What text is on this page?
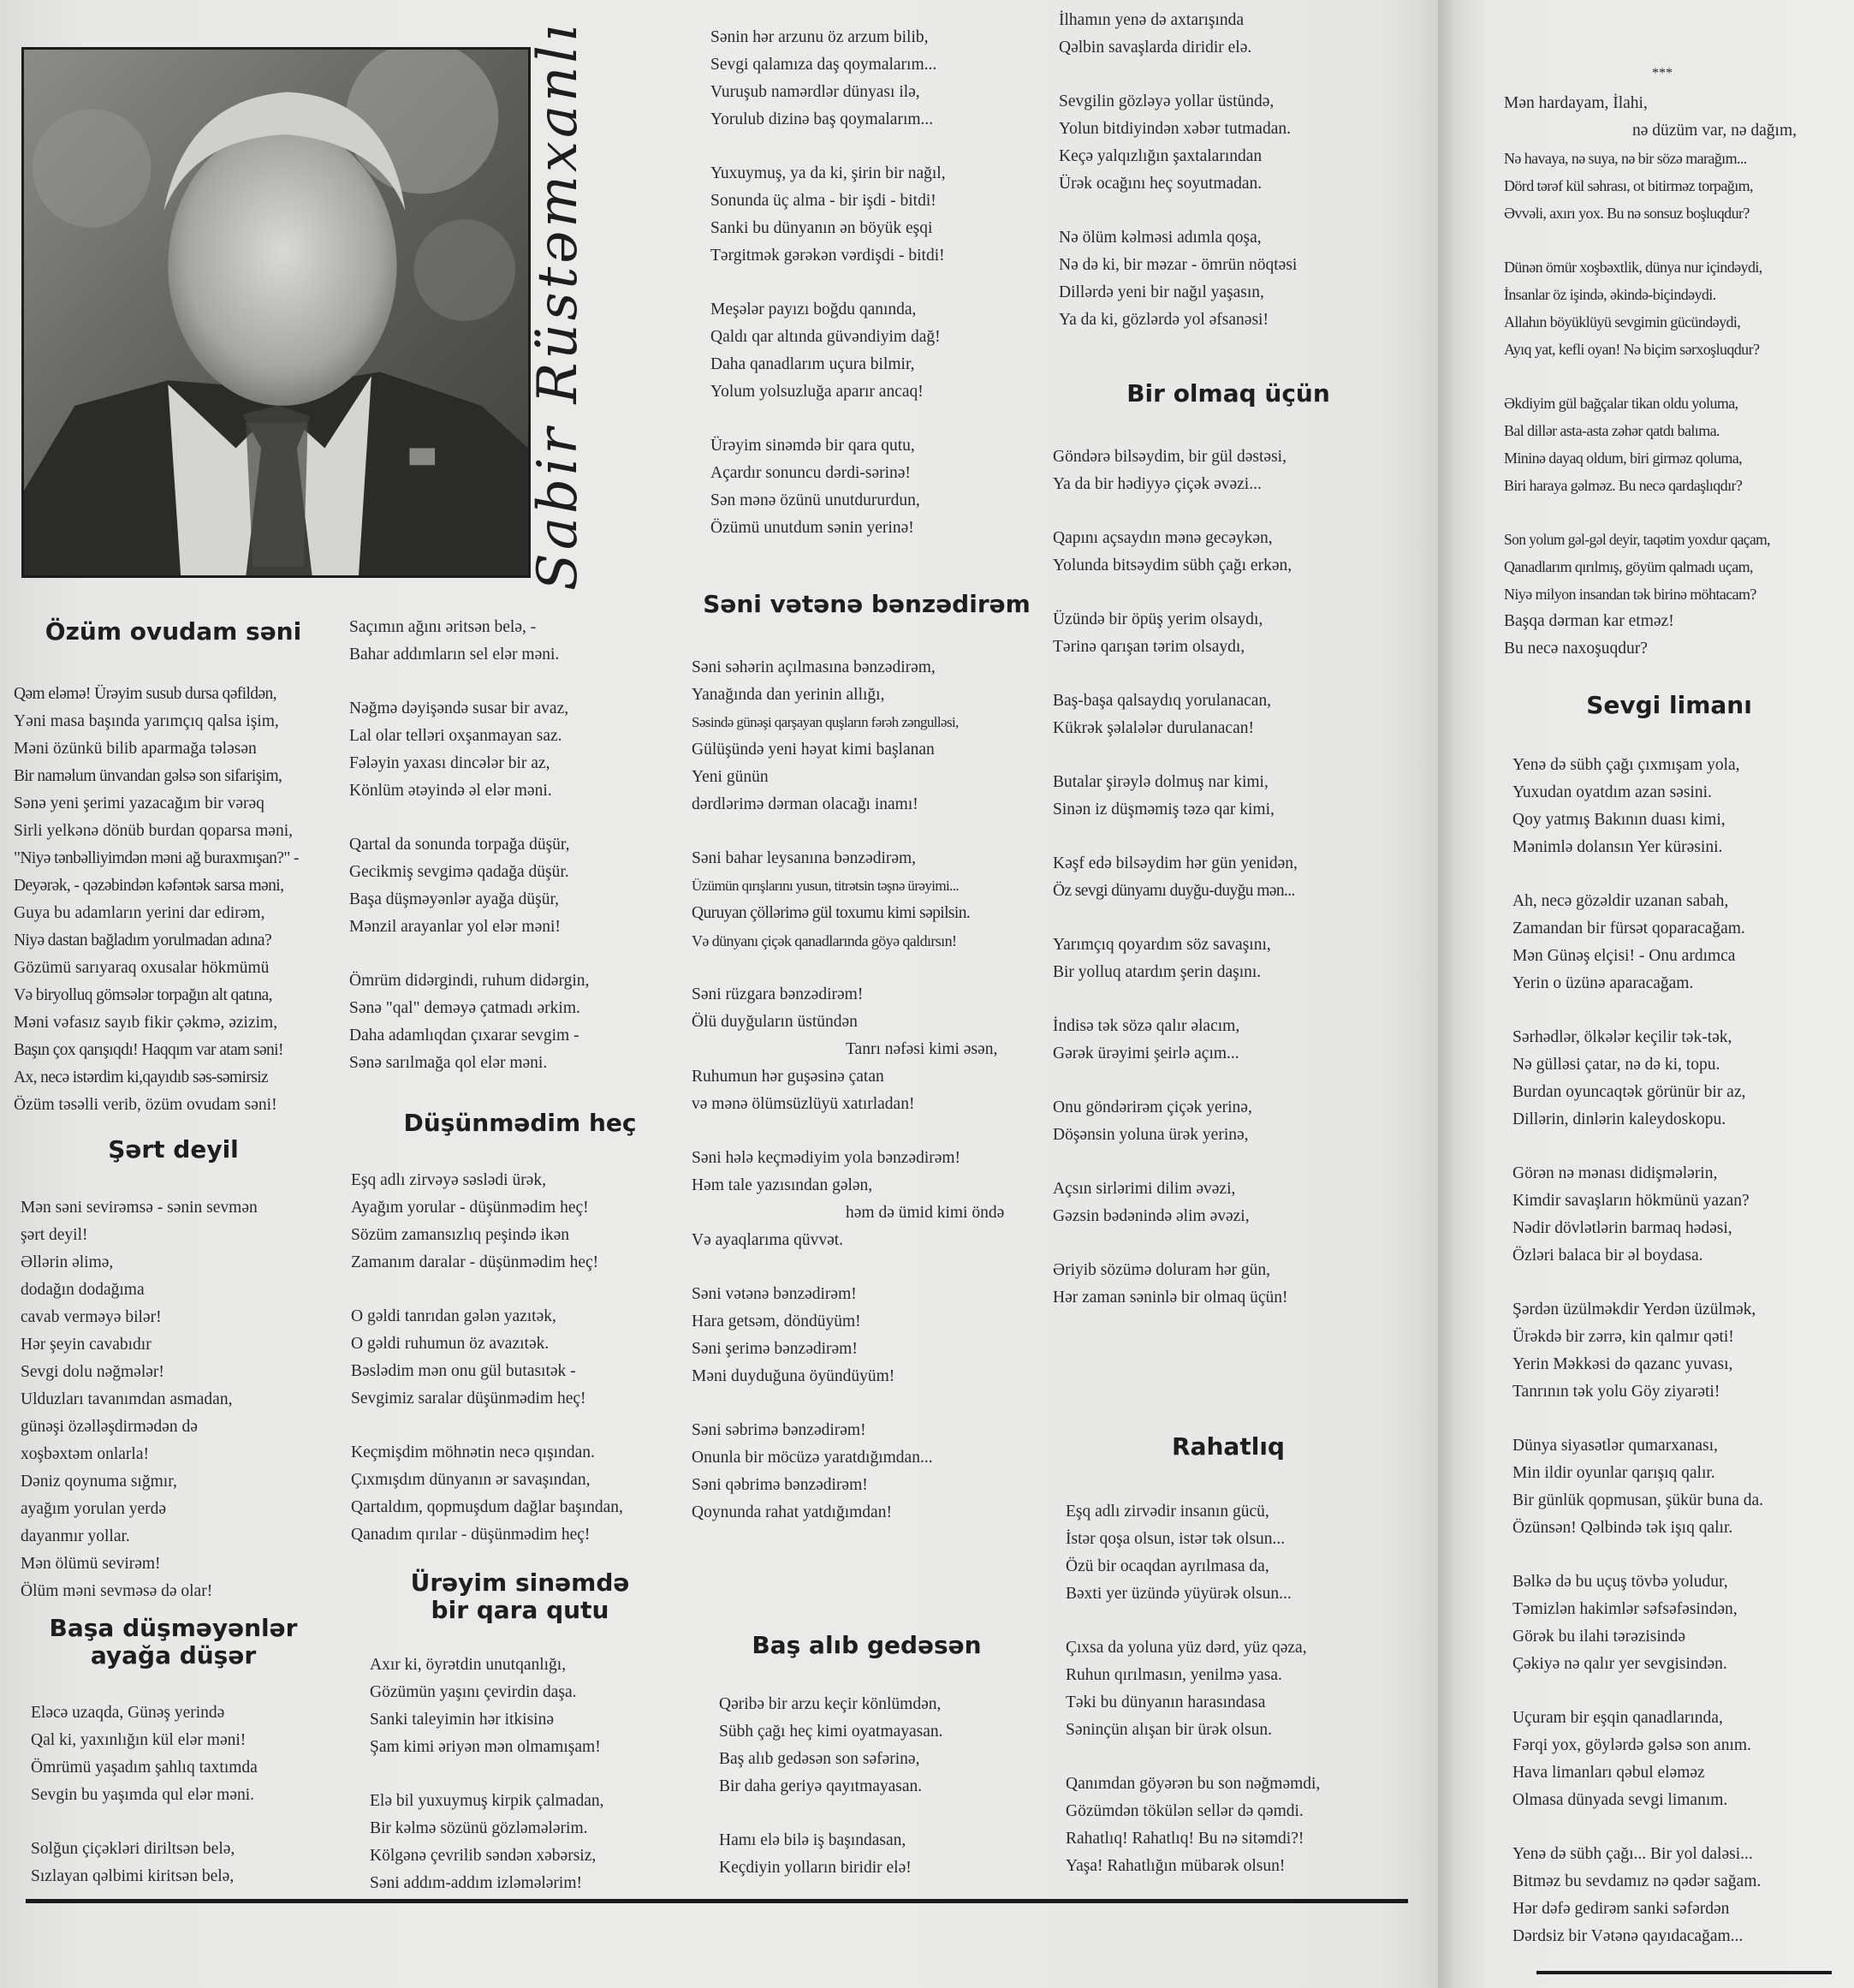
Sabir Rüstəmxanlı
Özüm ovudam səni
Qəm eləmə! Ürəyim susub dursa qəfildən,
Yəni masa başında yarımçıq qalsa işim,
Məni özünkü bilib aparmağa tələsən
Bir naməlum ünvandan gəlsə son sifarişim,
Sənə yeni şerimi yazacağım bir vərəq
Sirli yelkənə dönüb burdan qoparsa məni,
"Niyə tənbəlliyimdən məni ağ buraxmışan?" -
Deyərək, - qəzəbindən kəfəntək sarsa məni,
Guya bu adamların yerini dar edirəm,
Niyə dastan bağladım yorulmadan adına?
Gözümü sarıyaraq oxusalar hökmümü
Və biryolluq gömsələr torpağın alt qatına,
Məni vəfasız sayıb fikir çəkmə, əzizim,
Başın çox qarışıqdı! Haqqım var atam səni!
Ax, necə istərdim ki,qayıdıb səs-səmirsiz
Özüm təsəlli verib, özüm ovudam səni!
Şərt deyil
Mən səni sevirəmsə - sənin sevmən
şərt deyil!
Əllərin əlimə,
dodağın dodağıma
cavab verməyə bilər!
Hər şeyin cavabıdır
Sevgi dolu nəğmələr!
Ulduzları tavanımdan asmadan,
günəşi özəlləşdirmədən də
xoşbəxtəm onlarla!
Dəniz qoynuma sığmır,
ayağım yorulan yerdə
dayanmır yollar.
Mən ölümü sevirəm!
Ölüm məni sevməsə də olar!
Başa düşməyənlər
ayağa düşər
Eləcə uzaqda, Günəş yerində
Qal ki, yaxınlığın kül elər məni!
Ömrümü yaşadım şahlıq taxtımda
Sevgin bu yaşımda qul elər məni.
Solğun çiçəkləri diriltsən belə,
Sızlayan qəlbimi kiritsən belə,
Saçımın ağını əritsən belə, -
Bahar addımların sel elər məni.
Nəğmə dəyişəndə susar bir avaz,
Lal olar telləri oxşanmayan saz.
Fələyin yaxası dincələr bir az,
Könlüm ətəyində əl elər məni.
Qartal da sonunda torpağa düşür,
Gecikmiş sevgimə qadağa düşür.
Başa düşməyənlər ayağa düşür,
Mənzil arayanlar yol elər məni!
Ömrüm didərgindi, ruhum didərgin,
Sənə "qal" deməyə çatmadı ərkim.
Daha adamlıqdan çıxarar sevgim -
Sənə sarılmağa qol elər məni.
Düşünmədim heç
Eşq adlı zirvəyə səslədi ürək,
Ayağım yorular - düşünmədim heç!
Sözüm zamansızlıq peşində ikən
Zamanım daralar - düşünmədim heç!
O gəldi tanrıdan gələn yazıtək,
O gəldi ruhumun öz avazıtək.
Bəslədim mən onu gül butasıtək -
Sevgimiz saralar düşünmədim heç!
Keçmişdim möhnətin necə qışından.
Çıxmışdım dünyanın ər savaşından,
Qartaldım, qopmuşdum dağlar başından,
Qanadım qırılar - düşünmədim heç!
Ürəyim sinəmdə
bir qara qutu
Axır ki, öyrətdin unutqanlığı,
Gözümün yaşını çevirdin daşa.
Sanki taleyimin hər itkisinə
Şam kimi əriyən mən olmamışam!
Elə bil yuxuymuş kirpik çalmadan,
Bir kəlmə sözünü gözləmələrim.
Kölgənə çevrilib səndən xəbərsiz,
Səni addım-addım izləmələrim!
Sənin hər arzunu öz arzum bilib,
Sevgi qalamıza daş qoymalarım...
Vuruşub namərdlər dünyası ilə,
Yorulub dizinə baş qoymalarım...
Yuxuymuş, ya da ki, şirin bir nağıl,
Sonunda üç alma - bir işdi - bitdi!
Sanki bu dünyanın ən böyük eşqi
Tərgitmək gərəkən vərdişdi - bitdi!
Meşələr payızı boğdu qanında,
Qaldı qar altında güvəndiyim dağ!
Daha qanadlarım uçura bilmir,
Yolum yolsuzluğa aparır ancaq!
Ürəyim sinəmdə bir qara qutu,
Açardır sonuncu dərdi-sərinə!
Sən mənə özünü unutdururdun,
Özümü unutdum sənin yerinə!
Səni vətənə bənzədirəm
Səni səhərin açılmasına bənzədirəm,
Yanağında dan yerinin allığı,
Səsində günəşi qarşayan quşların fərəh zəngulləsi,
Gülüşündə yeni həyat kimi başlanan
Yeni günün
dərdlərimə dərman olacağı inamı!
Səni bahar leysanına bənzədirəm,
Üzümün qırışlarını yusun, titrətsin təşnə ürəyimi...
Quruyan çöllərimə gül toxumu kimi səpilsin.
Və dünyanı çiçək qanadlarında göyə qaldırsın!
Səni rüzgara bənzədirəm!
Ölü duyğuların üstündən
Tanrı nəfəsi kimi əsən,
Ruhumun hər guşəsinə çatan
və mənə ölümsüzlüyü xatırladan!
Səni hələ keçmədiyim yola bənzədirəm!
Həm tale yazısından gələn,
həm də ümid kimi öndə
Və ayaqlarıma qüvvət.
Səni vətənə bənzədirəm!
Hara getsəm, döndüyüm!
Səni şerimə bənzədirəm!
Məni duyduğuna öyündüyüm!
Səni səbrimə bənzədirəm!
Onunla bir möcüzə yaratdığımdan...
Səni qəbrimə bənzədirəm!
Qoynunda rahat yatdığımdan!
Baş alıb gedəsən
Qəribə bir arzu keçir könlümdən,
Sübh çağı heç kimi oyatmayasan.
Baş alıb gedəsən son səfərinə,
Bir daha geriyə qayıtmayasan.
Hamı elə bilə iş başındasan,
Keçdiyin yolların biridir elə!
İlhamın yenə də axtarışında
Qəlbin savaşlarda diridir elə.
Sevgilin gözləyə yollar üstündə,
Yolun bitdiyindən xəbər tutmadan.
Keçə yalqızlığın şaxtalarından
Ürək ocağını heç soyutmadan.
Nə ölüm kəlməsi adımla qoşa,
Nə də ki, bir məzar - ömrün nöqtəsi
Dillərdə yeni bir nağıl yaşasın,
Ya da ki, gözlərdə yol əfsanəsi!
Bir olmaq üçün
Göndərə bilsəydim, bir gül dəstəsi,
Ya da bir hədiyyə çiçək əvəzi...
Qapını açsaydın mənə gecəykən,
Yolunda bitsəydim sübh çağı erkən,
Üzündə bir öpüş yerim olsaydı,
Tərinə qarışan tərim olsaydı,
Baş-başa qalsaydıq yorulanacan,
Kükrək şəlalələr durulanacan!
Butalar şirəylə dolmuş nar kimi,
Sinən iz düşməmiş təzə qar kimi,
Kəşf edə bilsəydim hər gün yenidən,
Öz sevgi dünyamı duyğu-duyğu mən...
Yarımçıq qoyardım söz savaşını,
Bir yolluq atardım şerin daşını.
İndisə tək sözə qalır əlacım,
Gərək ürəyimi şeirlə açım...
Onu göndərirəm çiçək yerinə,
Döşənsin yoluna ürək yerinə,
Açsın sirlərimi dilim əvəzi,
Gəzsin bədənində əlim əvəzi,
Əriyib sözümə doluram hər gün,
Hər zaman səninlə bir olmaq üçün!
Rahatlıq
Eşq adlı zirvədir insanın gücü,
İstər qoşa olsun, istər tək olsun...
Özü bir ocaqdan ayrılmasa da,
Bəxti yer üzündə yüyürək olsun...
Çıxsa da yoluna yüz dərd, yüz qəza,
Ruhun qırılmasın, yenilmə yasa.
Təki bu dünyanın harasındasa
Səninçün alışan bir ürək olsun.
Qanımdan göyərən bu son nəğməmdi,
Gözümdən tökülən sellər də qəmdi.
Rahatlıq! Rahatlıq! Bu nə sitəmdi?!
Yaşa! Rahatlığın mübarək olsun!
***
Mən hardayam, İlahi,
nə düzüm var, nə dağım,
Nə havaya, nə suya, nə bir sözə marağım...
Dörd tərəf kül səhrası, ot bitirməz torpağım,
Əvvəli, axırı yox. Bu nə sonsuz boşluqdur?
Dünən ömür xoşbəxtlik, dünya nur içindəydi,
İnsanlar öz işində, əkində-biçindəydi.
Allahın böyüklüyü sevgimin gücündəydi,
Ayıq yat, kefli oyan! Nə biçim sərxoşluqdur?
Əkdiyim gül bağçalar tikan oldu yoluma,
Bal dillər asta-asta zəhər qatdı balıma.
Mininə dayaq oldum, biri girməz qoluma,
Biri haraya gəlməz. Bu necə qardaşlıqdır?
Son yolum gəl-gəl deyir, taqətim yoxdur qaçam,
Qanadlarım qırılmış, göyüm qalmadı uçam,
Niyə milyon insandan tək birinə möhtacam?
Başqa dərman kar etməz!
Bu necə naxoşuqdur?
Sevgi limanı
Yenə də sübh çağı çıxmışam yola,
Yuxudan oyatdım azan səsini.
Qoy yatmış Bakının duası kimi,
Mənimlə dolansın Yer kürəsini.
Ah, necə gözəldir uzanan sabah,
Zamandan bir fürsət qoparacağam.
Mən Günəş elçisi! - Onu ardımca
Yerin o üzünə aparacağam.
Sərhədlər, ölkələr keçilir tək-tək,
Nə gülləsi çatar, nə də ki, topu.
Burdan oyuncaqtək görünür bir az,
Dillərin, dinlərin kaleydoskopu.
Görən nə mənası didişmələrin,
Kimdir savaşların hökmünü yazan?
Nədir dövlətlərin barmaq hədəsi,
Özləri balaca bir əl boydasa.
Şərdən üzülməkdir Yerdən üzülmək,
Ürəkdə bir zərrə, kin qalmır qəti!
Yerin Məkkəsi də qazanc yuvası,
Tanrının tək yolu Göy ziyarəti!
Dünya siyasətlər qumarxanası,
Min ildir oyunlar qarışıq qalır.
Bir günlük qopmusan, şükür buna da.
Özünsən! Qəlbində tək işıq qalır.
Bəlkə də bu uçuş tövbə yoludur,
Təmizlən hakimlər səfsəfəsindən,
Görək bu ilahi tərəzisində
Çəkiyə nə qalır yer sevgisindən.
Uçuram bir eşqin qanadlarında,
Fərqi yox, göylərdə gəlsə son anım.
Hava limanları qəbul eləməz
Olmasa dünyada sevgi limanım.
Yenə də sübh çağı... Bir yol daləsi...
Bitməz bu sevdamız nə qədər sağam.
Hər dəfə gedirəm sanki səfərdən
Dərdsiz bir Vətənə qayıdacağam...
